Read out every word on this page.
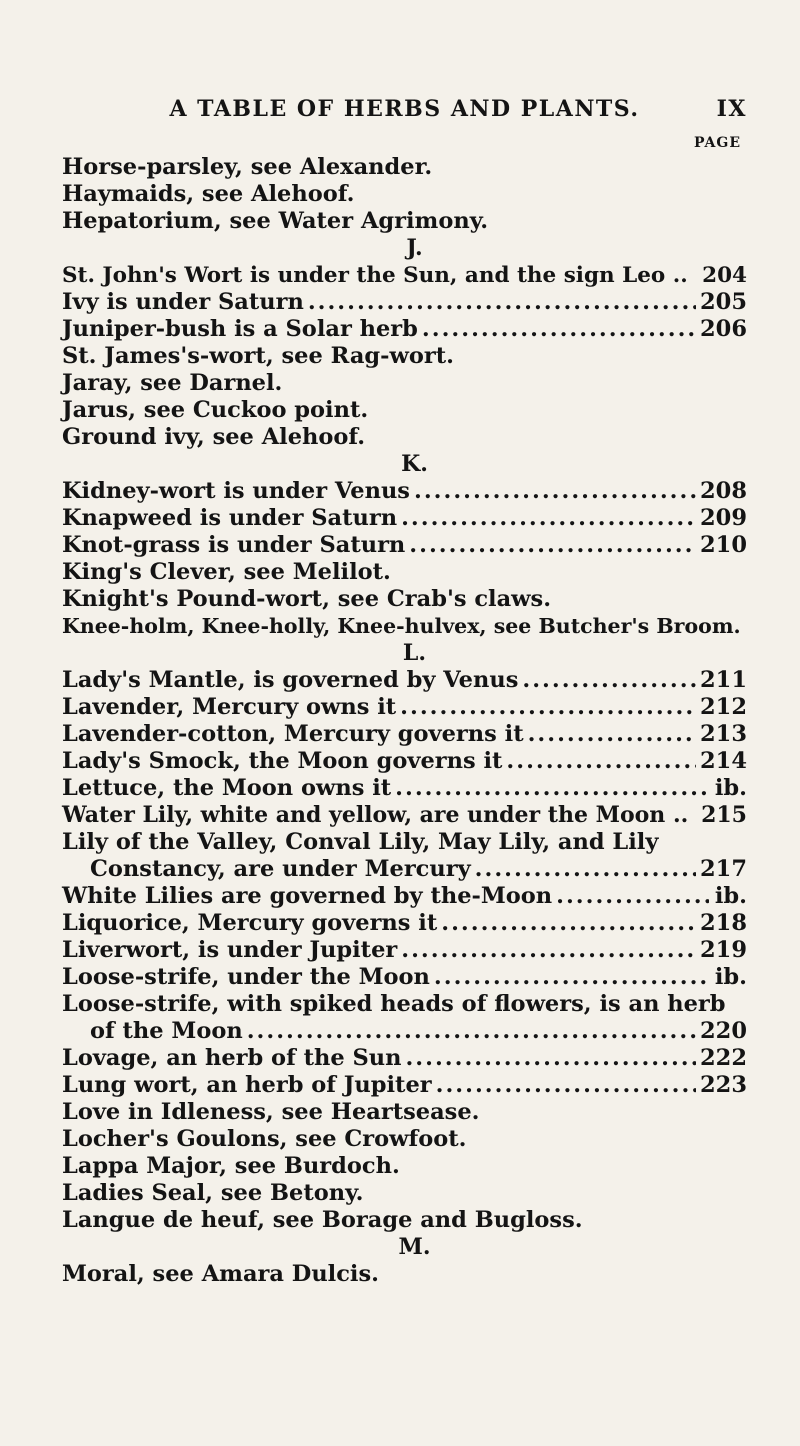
A TABLE OF HERBS AND PLANTS.	IX
PAGE
Horse-parsley, see Alexander.
Haymaids, see Alehoof.
Hepatorium, see Water Agrimony.
J.
St. John's Wort is under the Sun, and the sign Leo .. 204
Ivy is under Saturn .....	205
Juniper-bush is a Solar herb .....	206
St. James's-wort, see Rag-wort.
Jaray, see Darnel.
Jarus, see Cuckoo point.
Ground ivy, see Alehoof.
K.
Kidney-wort is under Venus .....	208
Knapweed is under Saturn .....	209
Knot-grass is under Saturn .....	210
King's Clever, see Melilot.
Knight's Pound-wort, see Crab's claws.
Knee-holm, Knee-holly, Knee-hulvex, see Butcher's Broom.
L.
Lady's Mantle, is governed by Venus .....	211
Lavender, Mercury owns it .....	212
Lavender-cotton, Mercury governs it .....	213
Lady's Smock, the Moon governs it .....	214
Lettuce, the Moon owns it .....	ib.
Water Lily, white and yellow, are under the Moon .. 215
Lily of the Valley, Conval Lily, May Lily, and Lily
Constancy, are under Mercury .....	217
White Lilies are governed by the-Moon .....	ib.
Liquorice, Mercury governs it .....	218
Liverwort, is under Jupiter .....	219
Loose-strife, under the Moon .....	ib.
Loose-strife, with spiked heads of flowers, is an herb
of the Moon .....	220
Lovage, an herb of the Sun .....	222
Lung wort, an herb of Jupiter .....	223
Love in Idleness, see Heartsease.
Locher's Goulons, see Crowfoot.
Lappa Major, see Burdoch.
Ladies Seal, see Betony.
Langue de heuf, see Borage and Bugloss.
M.
Moral, see Amara Dulcis.
